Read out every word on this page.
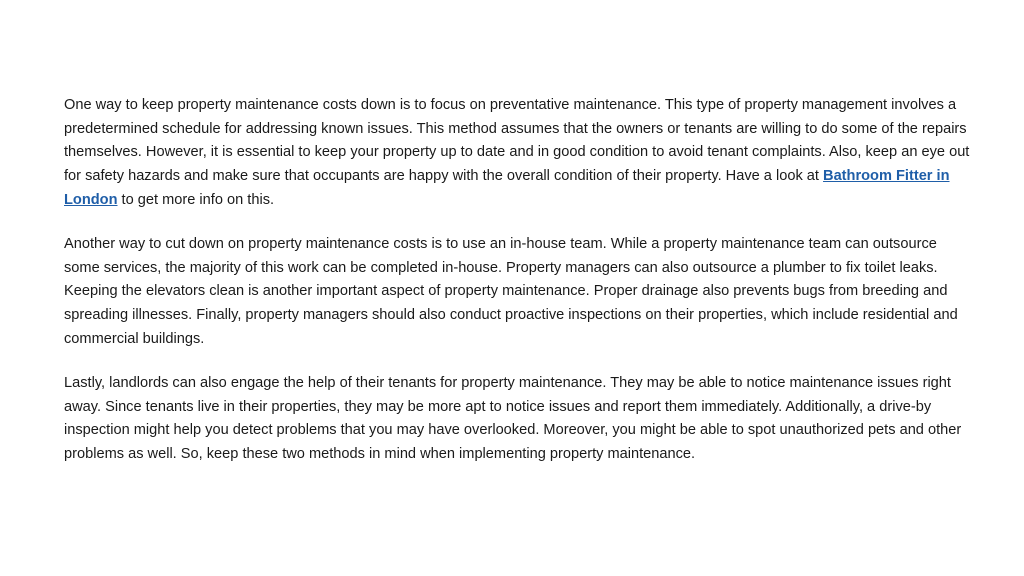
One way to keep property maintenance costs down is to focus on preventative maintenance. This type of property management involves a predetermined schedule for addressing known issues. This method assumes that the owners or tenants are willing to do some of the repairs themselves. However, it is essential to keep your property up to date and in good condition to avoid tenant complaints. Also, keep an eye out for safety hazards and make sure that occupants are happy with the overall condition of their property. Have a look at Bathroom Fitter in London to get more info on this.

Another way to cut down on property maintenance costs is to use an in-house team. While a property maintenance team can outsource some services, the majority of this work can be completed in-house. Property managers can also outsource a plumber to fix toilet leaks. Keeping the elevators clean is another important aspect of property maintenance. Proper drainage also prevents bugs from breeding and spreading illnesses. Finally, property managers should also conduct proactive inspections on their properties, which include residential and commercial buildings.

Lastly, landlords can also engage the help of their tenants for property maintenance. They may be able to notice maintenance issues right away. Since tenants live in their properties, they may be more apt to notice issues and report them immediately. Additionally, a drive-by inspection might help you detect problems that you may have overlooked. Moreover, you might be able to spot unauthorized pets and other problems as well. So, keep these two methods in mind when implementing property maintenance.
